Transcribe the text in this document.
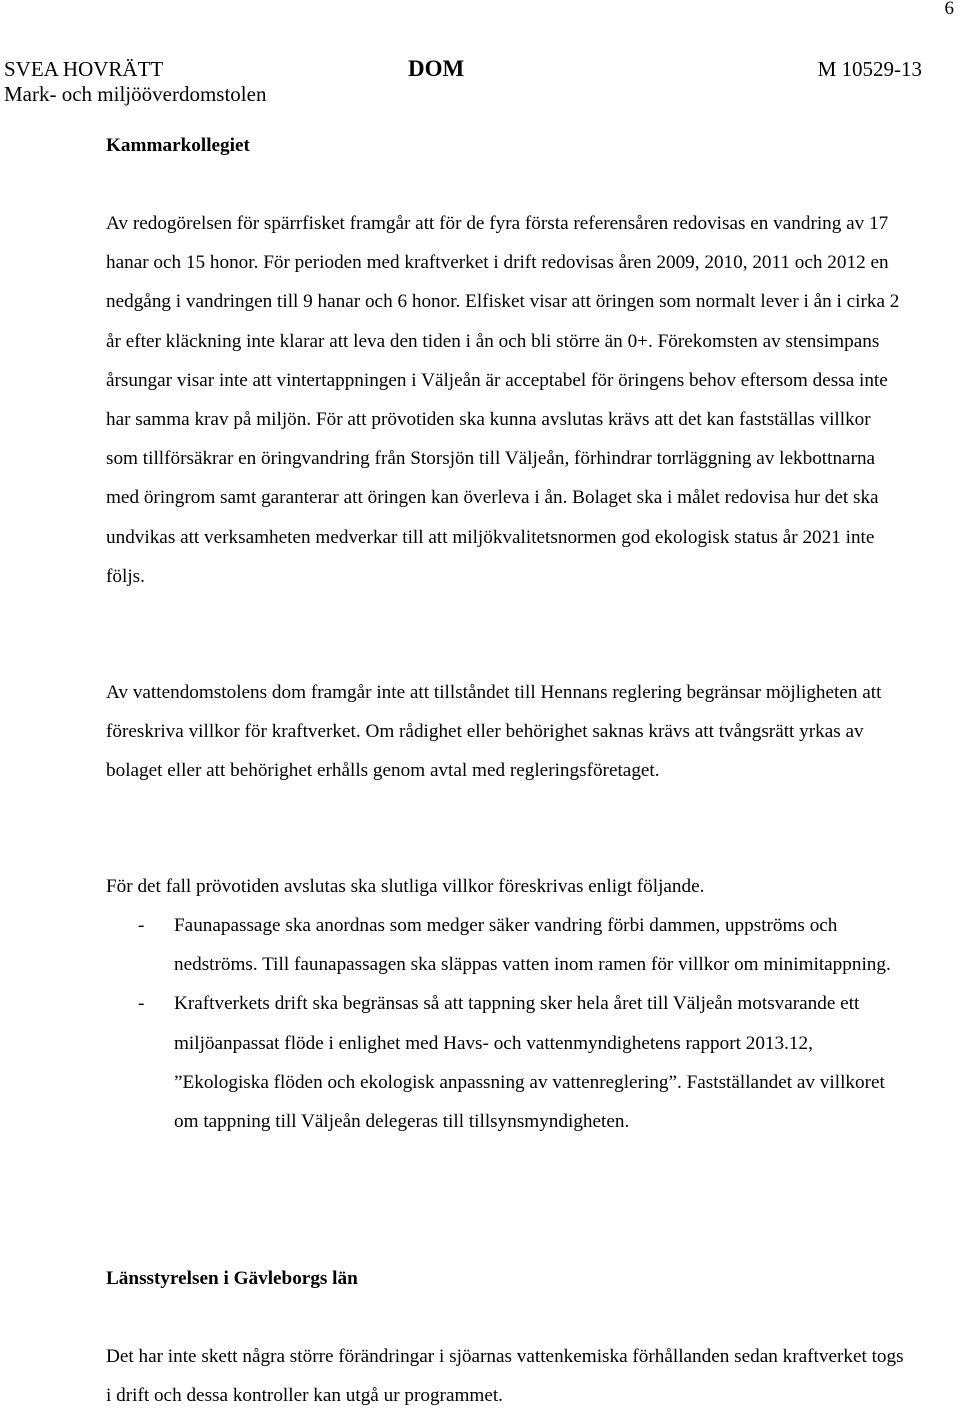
6
SVEA HOVRÄTT
Mark- och miljööverdomstolen
DOM	M 10529-13
Kammarkollegiet

Av redogörelsen för spärrfisket framgår att för de fyra första referensåren redovisas en vandring av 17 hanar och 15 honor. För perioden med kraftverket i drift redovisas åren 2009, 2010, 2011 och 2012 en nedgång i vandringen till 9 hanar och 6 honor. Elfisket visar att öringen som normalt lever i ån i cirka 2 år efter kläckning inte klarar att leva den tiden i ån och bli större än 0+. Förekomsten av stensimpans årsungar visar inte att vintertappningen i Väljeån är acceptabel för öringens behov eftersom dessa inte har samma krav på miljön. För att prövotiden ska kunna avslutas krävs att det kan fastställas villkor som tillförsäkrar en öringvandring från Storsjön till Väljeån, förhindrar torrläggning av lekbottnarna med öringrom samt garanterar att öringen kan överleva i ån. Bolaget ska i målet redovisa hur det ska undvikas att verksamheten medverkar till att miljökvalitetsnormen god ekologisk status år 2021 inte följs.

Av vattendomstolens dom framgår inte att tillståndet till Hennans reglering begränsar möjligheten att föreskriva villkor för kraftverket. Om rådighet eller behörighet saknas krävs att tvångsrätt yrkas av bolaget eller att behörighet erhålls genom avtal med regleringsföretaget.

För det fall prövotiden avslutas ska slutliga villkor föreskrivas enligt följande.

- Faunapassage ska anordnas som medger säker vandring förbi dammen, uppströms och nedströms. Till faunapassagen ska släppas vatten inom ramen för villkor om minimitappning.
- Kraftverkets drift ska begränsas så att tappning sker hela året till Väljeån motsvarande ett miljöanpassat flöde i enlighet med Havs- och vattenmyndighetens rapport 2013.12, ”Ekologiska flöden och ekologisk anpassning av vattenreglering”. Fastställandet av villkoret om tappning till Väljeån delegeras till tillsynsmyndigheten.
Länsstyrelsen i Gävleborgs län

Det har inte skett några större förändringar i sjöarnas vattenkemiska förhållanden sedan kraftverket togs i drift och dessa kontroller kan utgå ur programmet.
